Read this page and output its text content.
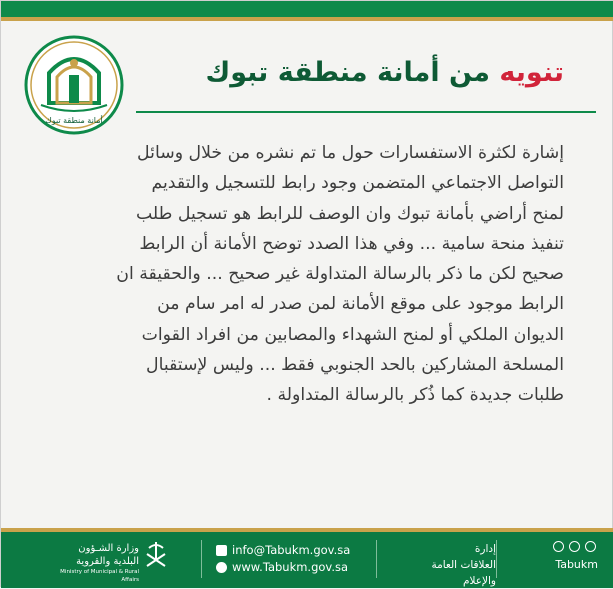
أمانة منطقة تبوك
تنويه من أمانة منطقة تبوك

إشارة لكثرة الاستفسارات حول ما تم نشره من خلال وسائل

التواصل الاجتماعي المتضمن وجود رابط للتسجيل والتقديم

لمنح أراضي بأمانة تبوك وان الوصف للرابط هو تسجيل طلب

تنفيذ منحة سامية ... وفي هذا الصدد توضح الأمانة أن الرابط

صحيح لكن ما ذكر بالرسالة المتداولة غير صحيح ... والحقيقة ان

الرابط موجود على موقع الأمانة لمن صدر له امر سام من

الديوان الملكي أو لمنح الشهداء والمصابين من افراد القوات

المسلحة المشاركين بالحد الجنوبي فقط ... وليس لإستقبال

طلبات جديدة كما ذُكر بالرسالة المتداولة .

Tabukm
إدارة
العلاقات العامة والإعلام
info@Tabukm.gov.sa
www.Tabukm.gov.sa
وزارة الشـؤون
البلدية والقروية
Ministry of Municipal & Rural Affairs
